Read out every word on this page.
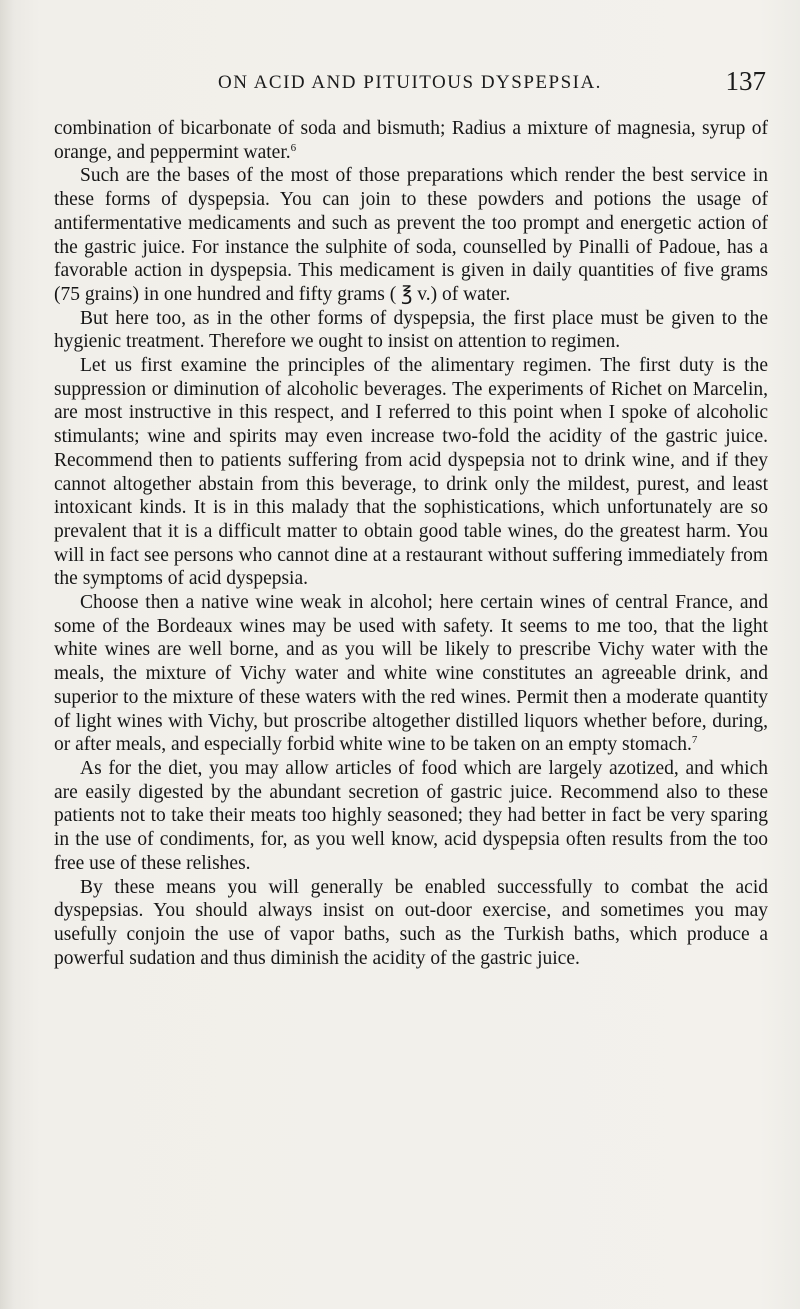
ON ACID AND PITUITOUS DYSPEPSIA.	137

combination of bicarbonate of soda and bismuth; Radius a mixture of magnesia, syrup of orange, and peppermint water.$^6$

Such are the bases of the most of those preparations which render the best service in these forms of dyspepsia. You can join to these powders and potions the usage of antifermentative medicaments and such as prevent the too prompt and energetic action of the gastric juice. For instance the sulphite of soda, counselled by Pinalli of Padoue, has a favorable action in dyspepsia. This medicament is given in daily quantities of five grams (75 grains) in one hundred and fifty grams ( ℥ v.) of water.

But here too, as in the other forms of dyspepsia, the first place must be given to the hygienic treatment. Therefore we ought to insist on attention to regimen.

Let us first examine the principles of the alimentary regimen. The first duty is the suppression or diminution of alcoholic beverages. The experiments of Richet on Marcelin, are most instructive in this respect, and I referred to this point when I spoke of alcoholic stimulants; wine and spirits may even increase two-fold the acidity of the gastric juice. Recommend then to patients suffering from acid dyspepsia not to drink wine, and if they cannot altogether abstain from this beverage, to drink only the mildest, purest, and least intoxicant kinds. It is in this malady that the sophistications, which unfortunately are so prevalent that it is a difficult matter to obtain good table wines, do the greatest harm. You will in fact see persons who cannot dine at a restaurant without suffering immediately from the symptoms of acid dyspepsia.

Choose then a native wine weak in alcohol; here certain wines of central France, and some of the Bordeaux wines may be used with safety. It seems to me too, that the light white wines are well borne, and as you will be likely to prescribe Vichy water with the meals, the mixture of Vichy water and white wine constitutes an agreeable drink, and superior to the mixture of these waters with the red wines. Permit then a moderate quantity of light wines with Vichy, but proscribe altogether distilled liquors whether before, during, or after meals, and especially forbid white wine to be taken on an empty stomach.$^7$

As for the diet, you may allow articles of food which are largely azotized, and which are easily digested by the abundant secretion of gastric juice. Recommend also to these patients not to take their meats too highly seasoned; they had better in fact be very sparing in the use of condiments, for, as you well know, acid dyspepsia often results from the too free use of these relishes.

By these means you will generally be enabled successfully to combat the acid dyspepsias. You should always insist on out-door exercise, and sometimes you may usefully conjoin the use of vapor baths, such as the Turkish baths, which produce a powerful sudation and thus diminish the acidity of the gastric juice.
